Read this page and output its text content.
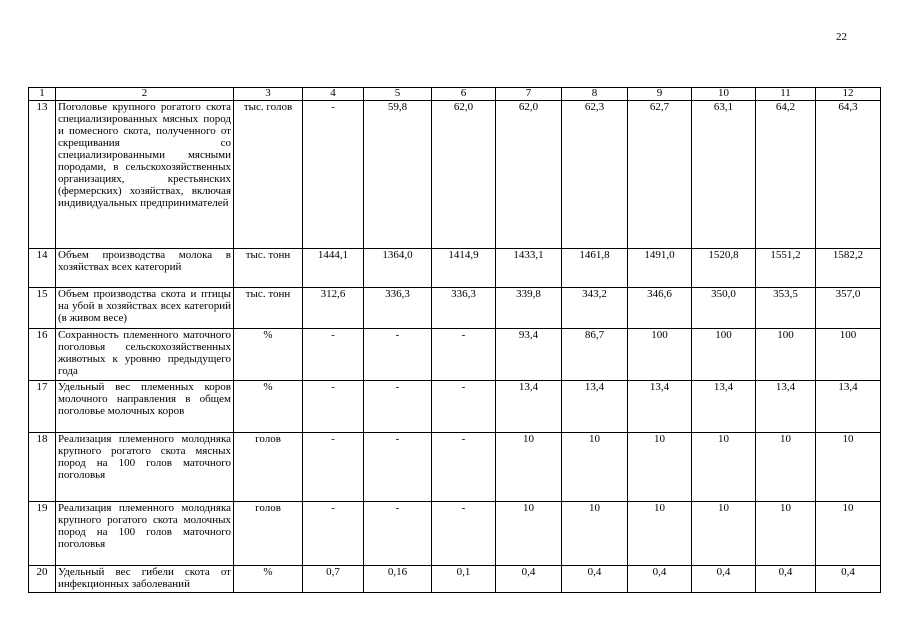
22
1	2	3	4	5	6	7	8	9	10	11	12
13	Поголовье крупного рогатого скота специализированных мясных пород и помесного скота, полученного от скрещивания со специализированными мясными породами, в сельскохозяйственных организациях, крестьянских (фермерских) хозяйствах, включая индивидуальных предпринимателей	тыс. голов	-	59,8	62,0	62,0	62,3	62,7	63,1	64,2	64,3
14	Объем производства молока в хозяйствах всех категорий	тыс. тонн	1444,1	1364,0	1414,9	1433,1	1461,8	1491,0	1520,8	1551,2	1582,2
15	Объем производства скота и птицы на убой в хозяйствах всех категорий (в живом весе)	тыс. тонн	312,6	336,3	336,3	339,8	343,2	346,6	350,0	353,5	357,0
16	Сохранность племенного маточного поголовья сельскохозяйственных животных к уровню предыдущего года	%	-	-	-	93,4	86,7	100	100	100	100
17	Удельный вес племенных коров молочного направления в общем поголовье молочных коров	%	-	-	-	13,4	13,4	13,4	13,4	13,4	13,4
18	Реализация племенного молодняка крупного рогатого скота мясных пород на 100 голов маточного поголовья	голов	-	-	-	10	10	10	10	10	10
19	Реализация племенного молодняка крупного рогатого скота молочных пород на 100 голов маточного поголовья	голов	-	-	-	10	10	10	10	10	10
20	Удельный вес гибели скота от инфекционных заболеваний	%	0,7	0,16	0,1	0,4	0,4	0,4	0,4	0,4	0,4
